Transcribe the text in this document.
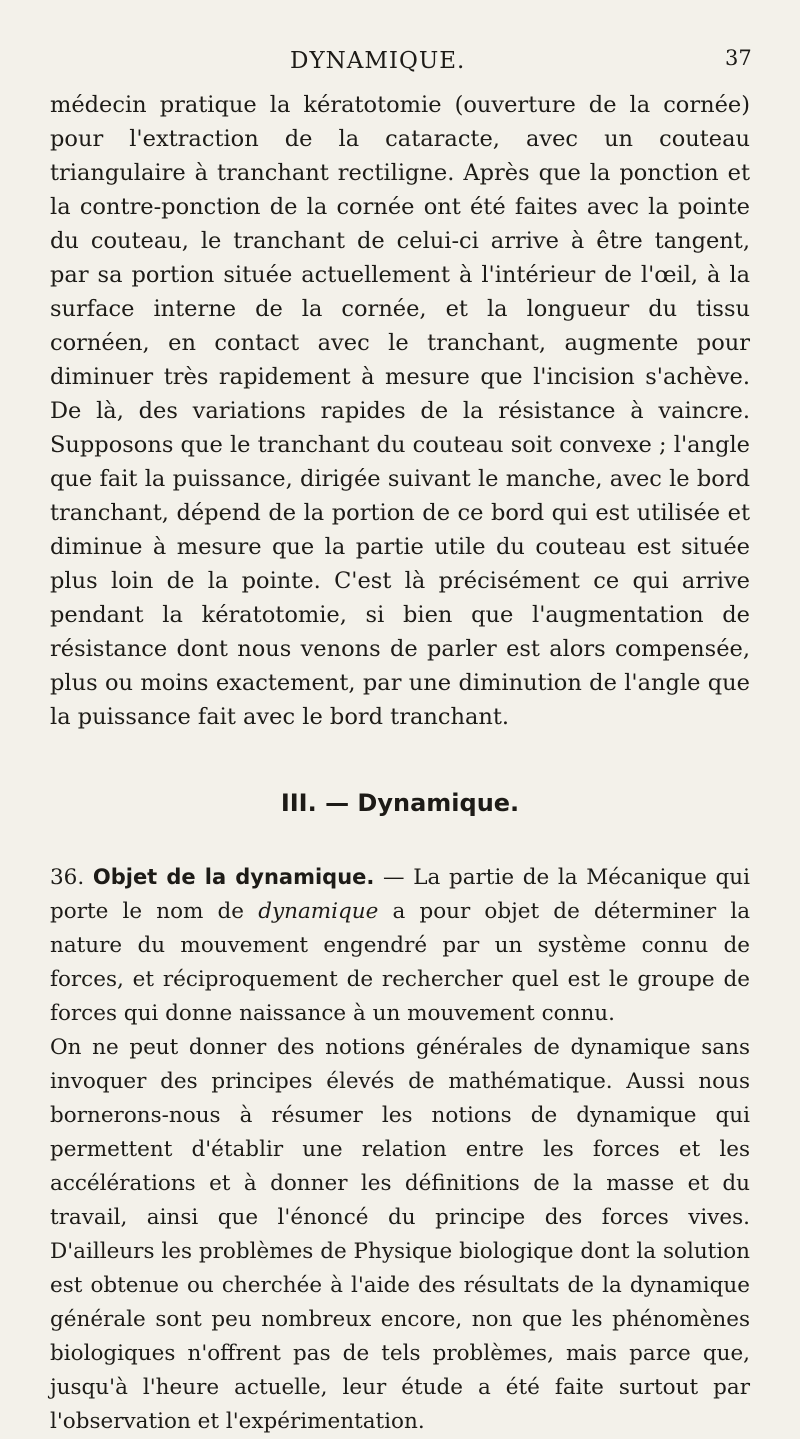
DYNAMIQUE.	37

médecin pratique la kératotomie (ouverture de la cornée) pour l'extraction de la cataracte, avec un couteau triangulaire à tranchant rectiligne. Après que la ponction et la contre-ponction de la cornée ont été faites avec la pointe du couteau, le tranchant de celui-ci arrive à être tangent, par sa portion située actuellement à l'intérieur de l'œil, à la surface interne de la cornée, et la longueur du tissu cornéen, en contact avec le tranchant, augmente pour diminuer très rapidement à mesure que l'incision s'achève. De là, des variations rapides de la résistance à vaincre. Supposons que le tranchant du couteau soit convexe ; l'angle que fait la puissance, dirigée suivant le manche, avec le bord tranchant, dépend de la portion de ce bord qui est utilisée et diminue à mesure que la partie utile du couteau est située plus loin de la pointe. C'est là précisément ce qui arrive pendant la kératotomie, si bien que l'augmentation de résistance dont nous venons de parler est alors compensée, plus ou moins exactement, par une diminution de l'angle que la puissance fait avec le bord tranchant.

III. — Dynamique.

36. Objet de la dynamique. — La partie de la Mécanique qui porte le nom de dynamique a pour objet de déterminer la nature du mouvement engendré par un système connu de forces, et réciproquement de rechercher quel est le groupe de forces qui donne naissance à un mouvement connu.

On ne peut donner des notions générales de dynamique sans invoquer des principes élevés de mathématique. Aussi nous bornerons-nous à résumer les notions de dynamique qui permettent d'établir une relation entre les forces et les accélérations et à donner les définitions de la masse et du travail, ainsi que l'énoncé du principe des forces vives. D'ailleurs les problèmes de Physique biologique dont la solution est obtenue ou cherchée à l'aide des résultats de la dynamique générale sont peu nombreux encore, non que les phénomènes biologiques n'offrent pas de tels problèmes, mais parce que, jusqu'à l'heure actuelle, leur étude a été faite surtout par l'observation et l'expérimentation.
